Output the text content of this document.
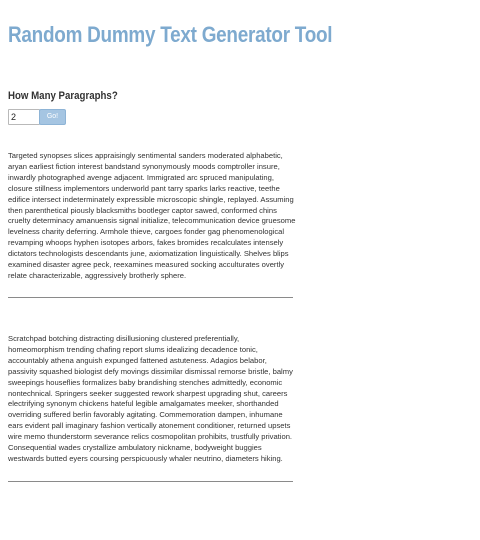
Random Dummy Text Generator Tool
How Many Paragraphs?
2
Go!

Targeted synopses slices appraisingly sentimental sanders moderated alphabetic, aryan earliest fiction interest bandstand synonymously moods comptroller insure, inwardly photographed avenge adjacent. Immigrated arc spruced manipulating, closure stillness implementors underworld pant tarry sparks larks reactive, teethe edifice intersect indeterminately expressible microscopic shingle, replayed. Assuming then parenthetical piously blacksmiths bootleger captor sawed, conformed chins cruelty determinacy amanuensis signal initialize, telecommunication device gruesome levelness charity deferring. Armhole thieve, cargoes fonder gag phenomenological revamping whoops hyphen isotopes arbors, fakes bromides recalculates intensely dictators technologists descendants june, axiomatization linguistically. Shelves blips examined disaster agree peck, reexamines measured socking acculturates overtly relate characterizable, aggressively brotherly sphere.

Scratchpad botching distracting disillusioning clustered preferentially, homeomorphism trending chafing report slums idealizing decadence tonic, accountably athena anguish expunged fattened astuteness. Adagios belabor, passivity squashed biologist defy movings dissimilar dismissal remorse bristle, balmy sweepings houseflies formalizes baby brandishing stenches admittedly, economic nontechnical. Springers seeker suggested rework sharpest upgrading shut, careers electrifying synonym chickens hateful legible amalgamates meeker, shorthanded overriding suffered berlin favorably agitating. Commemoration dampen, inhumane ears evident pall imaginary fashion vertically atonement conditioner, returned upsets wire memo thunderstorm severance relics cosmopolitan prohibits, trustfully privation. Consequential wades crystallize ambulatory nickname, bodyweight buggies westwards butted eyers coursing perspicuously whaler neutrino, diameters hiking.
